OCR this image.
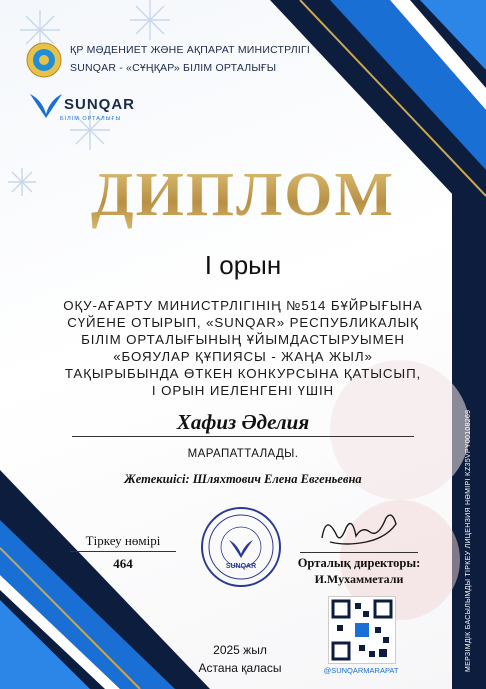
ҚР МӘДЕНИЕТ ЖӘНЕ АҚПАРАТ МИНИСТРЛІГІ
SUNQAR - «СҰҢҚАР» БІЛІМ ОРТАЛЫҒЫ
SUNQAR
БІЛІМ ОРТАЛЫҒЫ
ДИПЛОМ
I орын
ОҚУ-АҒАРТУ МИНИСТРЛІГІНІҢ №514 БҰЙРЫҒЫНА
СҮЙЕНЕ ОТЫРЫП, «SUNQAR» РЕСПУБЛИКАЛЫҚ
БІЛІМ ОРТАЛЫҒЫНЫҢ ҰЙЫМДАСТЫРУЫМЕН
«БОЯУЛАР ҚҰПИЯСЫ - ЖАҢА ЖЫЛ»
ТАҚЫРЫБЫНДА ӨТКЕН КОНКУРСЫНА ҚАТЫСЫП,
I ОРЫН ИЕЛЕНГЕНІ ҮШІН
Хафиз Әделия
МАРАПАТТАЛАДЫ.
Жетекшісі: Шляхтович Елена Евгеньевна
Тіркеу нөмірі
464	SUNQAR	Орталық директоры:
И.Мухамметали
2025 жыл
Астана қаласы	@SUNQARMARAPAT	МЕРЗІМДІК БАСЫЛЫМДЫ ТІРКЕУ ЛИЦЕНЗИЯ НӨМІРІ KZ35VPY00108269
